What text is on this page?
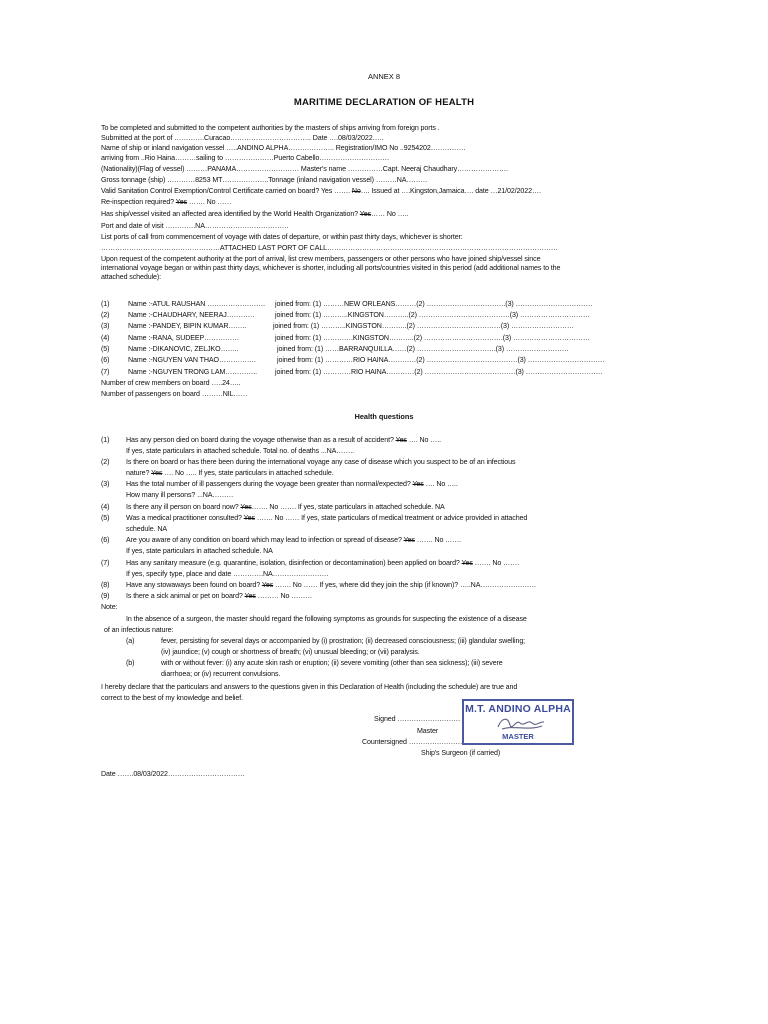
ANNEX 8
MARITIME DECLARATION OF HEALTH
To be completed and submitted to the competent authorities by the masters of ships arriving from foreign ports .
Submitted at the port of ………….Curacao…………………………….. Date ….08/03/2022…..
Name of ship or inland navigation vessel …..ANDINO ALPHA……………….. Registration/IMO No ..9254202……………
arriving from ..Rio Haina………sailing to …………………Puerto Cabello…………………………
(Nationality)(Flag of vessel) ………PANAMA……………………… Master's name ……………Capt. Neeraj Chaudhary………………….
Gross tonnage (ship) …………8253 MT………………..Tonnage (inland navigation vessel) ………NA………
Valid Sanitation Control Exemption/Control Certificate carried on board? Yes ……. No…. Issued at ….Kingston,Jamaica…. date …21/02/2022….
Re-inspection required? Yes ……. No ……
Has ship/vessel visited an affected area identified by the World Health Organization? Yes…… No …..
Port and date of visit ………….NA………………………………
List ports of call from commencement of voyage with dates of departure, or within past thirty days, whichever is shorter:
……………………………………………ATTACHED LAST PORT OF CALL………………………………………………………………………………………
Upon request of the competent authority at the port of arrival, list crew members, passengers or other persons who have joined ship/vessel since international voyage began or within past thirty days, whichever is shorter, including all ports/countries visited in this period (add additional names to the attached schedule):
(1)	Name :-ATUL RAUSHAN ……………………. joined from: (1) ………NEW ORLEANS………(2) …………………………….(3) ……………………………
(2)	Name :-CHAUDHARY, NEERAJ…………	joined from: (1) ………..KINGSTON………..(2) …………………………………(3) …………………………
(3)	Name :-PANDEY, BIPIN KUMAR……..	joined from: (1) ………..KINGSTON………..(2) ………………………………(3) ………………………
(4)	Name :-RANA, SUDEEP……………	joined from: (1) ………….KINGSTON………..(2) …………………………….(3) ……………………………
(5)	Name :-DIKANOVIC, ZELJKO……..	joined from: (1) ……BARRANQUILLA……(2) …………………………….(3) ………………………
(6)	Name :-NGUYEN VAN THAO…………….	joined from: (1) …………RIO HAINA…………(2) …………………………………(3) ……………………………
(7)	Name :-NGUYEN TRONG LAM…………..	joined from: (1) …………RIO HAINA…………(2) …………………………………(3) ……………………………
Number of crew members on board …..24…..
Number of passengers on board ………NIL……
Health questions
(1) Has any person died on board during the voyage otherwise than as a result of accident? Yes …. No …..
If yes, state particulars in attached schedule. Total no. of deaths ...NA……..
(2) Is there on board or has there been during the international voyage any case of disease which you suspect to be of an infectious
nature? Yes …. No ….. If yes, state particulars in attached schedule.
(3) Has the total number of ill passengers during the voyage been greater than normal/expected? Yes …. No …..
How many ill persons? ...NA………
(4) Is there any ill person on board now? Yes……. No ……. If yes, state particulars in attached schedule. NA
(5) Was a medical practitioner consulted? Yes ……. No …… If yes, state particulars of medical treatment or advice provided in attached
schedule. NA
(6) Are you aware of any condition on board which may lead to infection or spread of disease? Yes ……. No …….
If yes, state particulars in attached schedule. NA
(7) Has any sanitary measure (e.g. quarantine, isolation, disinfection or decontamination) been applied on board? Yes ……. No …….
If yes, specify type, place and date ………….NA……………………
(8) Have any stowaways been found on board? Yes ……. No …… If yes, where did they join the ship (if known)? …..NA……………………
(9) Is there a sick animal or pet on board? Yes ……… No ………
Note:
In the absence of a surgeon, the master should regard the following symptoms as grounds for suspecting the existence of a disease
of an infectious nature:
(a)	fever, persisting for several days or accompanied by (i) prostration; (ii) decreased consciousness; (iii) glandular swelling;
(iv) jaundice; (v) cough or shortness of breath; (vi) unusual bleeding; or (vii) paralysis.
(b)	with or without fever: (i) any acute skin rash or eruption; (ii) severe vomiting (other than sea sickness); (iii) severe
diarrhoea; or (iv) recurrent convulsions.
I hereby declare that the particulars and answers to the questions given in this Declaration of Health (including the schedule) are true and
correct to the best of my knowledge and belief.
Signed ………………………
Master
Countersigned ……………………
Ship's Surgeon (if carried)
Date …….08/03/2022……………………………
M.T. ANDINO ALPHA
MASTER
